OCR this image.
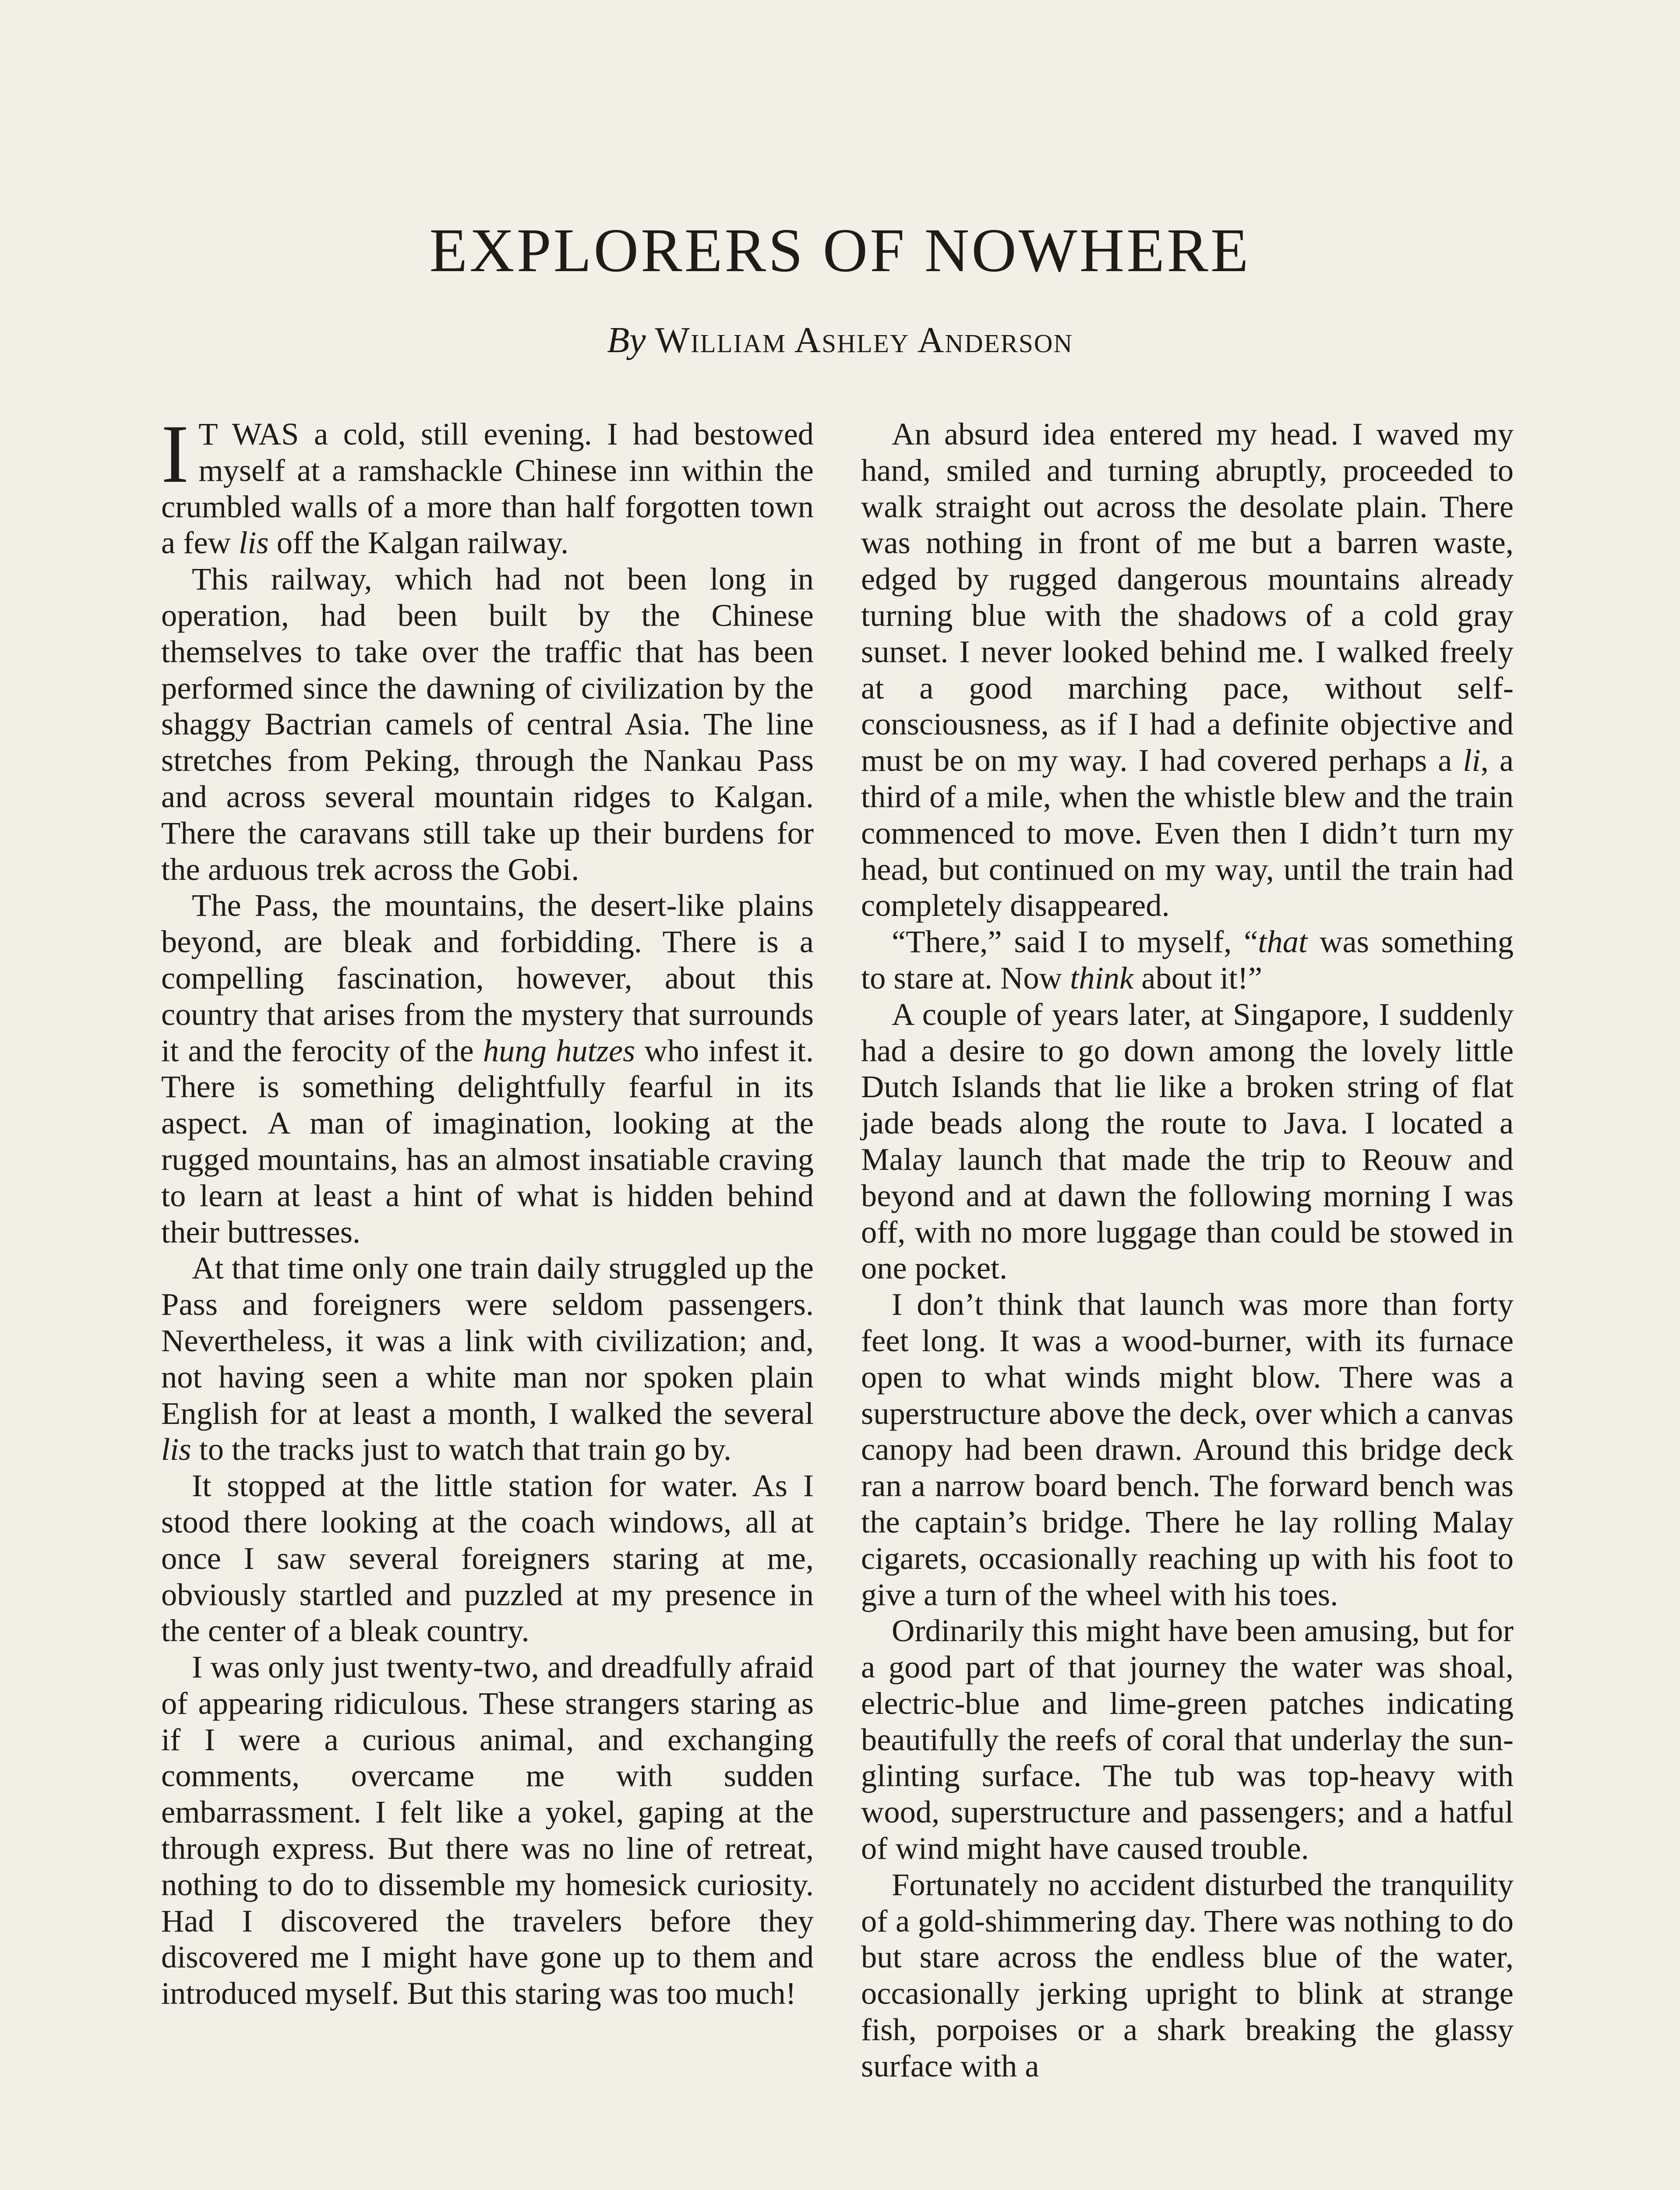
EXPLORERS OF NOWHERE
By William Ashley Anderson

I T WAS a cold, still evening. I had bestowed myself at a ramshackle Chinese inn within the crumbled walls of a more than half forgotten town a few lis off the Kalgan railway.

This railway, which had not been long in operation, had been built by the Chinese themselves to take over the traffic that has been performed since the dawning of civilization by the shaggy Bactrian camels of central Asia. The line stretches from Peking, through the Nankau Pass and across several mountain ridges to Kalgan. There the caravans still take up their burdens for the arduous trek across the Gobi.

The Pass, the mountains, the desert-like plains beyond, are bleak and forbidding. There is a compelling fascination, however, about this country that arises from the mystery that surrounds it and the ferocity of the hung hutzes who infest it. There is something delightfully fearful in its aspect. A man of imagination, looking at the rugged mountains, has an almost insatiable craving to learn at least a hint of what is hidden behind their buttresses.

At that time only one train daily struggled up the Pass and foreigners were seldom passengers. Nevertheless, it was a link with civilization; and, not having seen a white man nor spoken plain English for at least a month, I walked the several lis to the tracks just to watch that train go by.

It stopped at the little station for water. As I stood there looking at the coach windows, all at once I saw several foreigners staring at me, obviously startled and puzzled at my presence in the center of a bleak country.

I was only just twenty-two, and dreadfully afraid of appearing ridiculous. These strangers staring as if I were a curious animal, and exchanging comments, overcame me with sudden embarrassment. I felt like a yokel, gaping at the through express. But there was no line of retreat, nothing to do to dissemble my homesick curiosity. Had I discovered the travelers before they discovered me I might have gone up to them and introduced myself. But this staring was too much!

An absurd idea entered my head. I waved my hand, smiled and turning abruptly, proceeded to walk straight out across the desolate plain. There was nothing in front of me but a barren waste, edged by rugged dangerous mountains already turning blue with the shadows of a cold gray sunset. I never looked behind me. I walked freely at a good marching pace, without self-consciousness, as if I had a definite objective and must be on my way. I had covered perhaps a li, a third of a mile, when the whistle blew and the train commenced to move. Even then I didn’t turn my head, but continued on my way, until the train had completely disappeared.

“There,” said I to myself, “that was something to stare at. Now think about it!”

A couple of years later, at Singapore, I suddenly had a desire to go down among the lovely little Dutch Islands that lie like a broken string of flat jade beads along the route to Java. I located a Malay launch that made the trip to Reouw and beyond and at dawn the following morning I was off, with no more luggage than could be stowed in one pocket.

I don’t think that launch was more than forty feet long. It was a wood-burner, with its furnace open to what winds might blow. There was a superstructure above the deck, over which a canvas canopy had been drawn. Around this bridge deck ran a narrow board bench. The forward bench was the captain’s bridge. There he lay rolling Malay cigarets, occasionally reaching up with his foot to give a turn of the wheel with his toes.

Ordinarily this might have been amusing, but for a good part of that journey the water was shoal, electric-blue and lime-green patches indicating beautifully the reefs of coral that underlay the sun-glinting surface. The tub was top-heavy with wood, superstructure and passengers; and a hatful of wind might have caused trouble.

Fortunately no accident disturbed the tranquility of a gold-shimmering day. There was nothing to do but stare across the endless blue of the water, occasionally jerking upright to blink at strange fish, porpoises or a shark breaking the glassy surface with a
